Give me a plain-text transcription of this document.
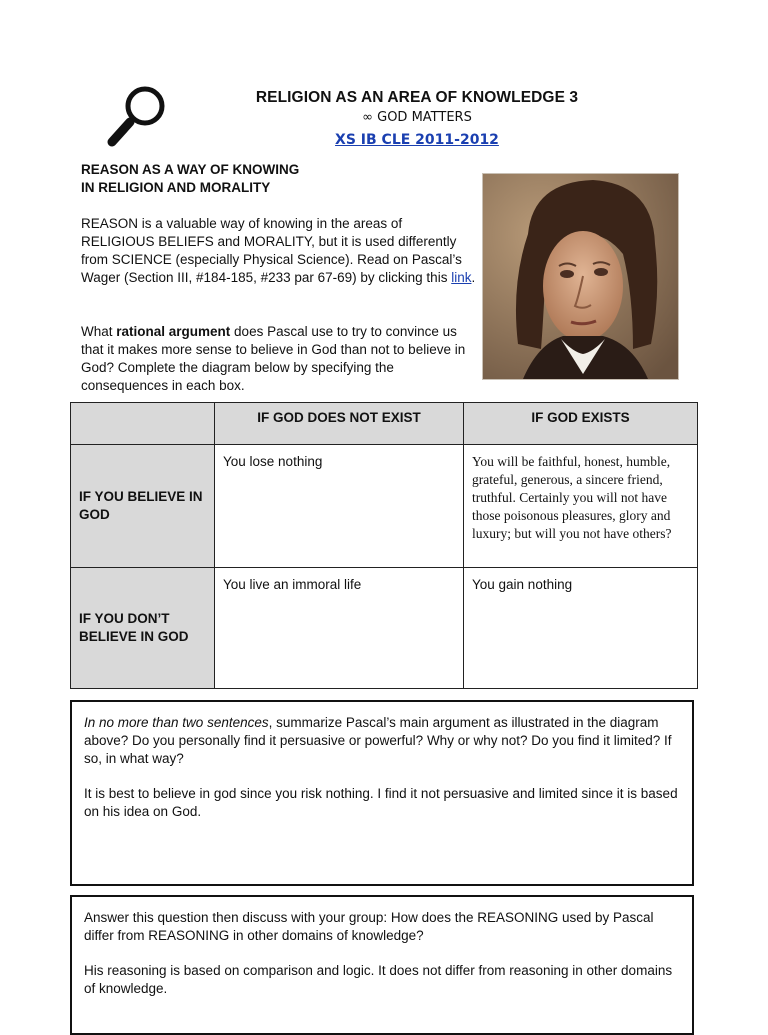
RELIGION AS AN AREA OF KNOWLEDGE 3
∞ GOD MATTERS
XS IB CLE 2011-2012
REASON AS A WAY OF KNOWING
IN RELIGION AND MORALITY
REASON is a valuable way of knowing in the areas of RELIGIOUS BELIEFS and MORALITY, but it is used differently from SCIENCE (especially Physical Science). Read on Pascal’s Wager (Section III, #184-185, #233 par 67-69) by clicking this link.
What rational argument does Pascal use to try to convince us that it makes more sense to believe in God than not to believe in God? Complete the diagram below by specifying the consequences in each box.
	IF GOD DOES NOT EXIST	IF GOD EXISTS
IF YOU BELIEVE IN GOD	You lose nothing	You will be faithful, honest, humble, grateful, generous, a sincere friend, truthful. Certainly you will not have those poisonous pleasures, glory and luxury; but will you not have others?
IF YOU DON’T BELIEVE IN GOD	You live an immoral life	You gain nothing

In no more than two sentences, summarize Pascal’s main argument as illustrated in the diagram above? Do you personally find it persuasive or powerful? Why or why not? Do you find it limited? If so, in what way?

It is best to believe in god since you risk nothing. I find it not persuasive and limited since it is based on his idea on God.

Answer this question then discuss with your group: How does the REASONING used by Pascal differ from REASONING in other domains of knowledge?

His reasoning is based on comparison and logic. It does not differ from reasoning in other domains of knowledge.
